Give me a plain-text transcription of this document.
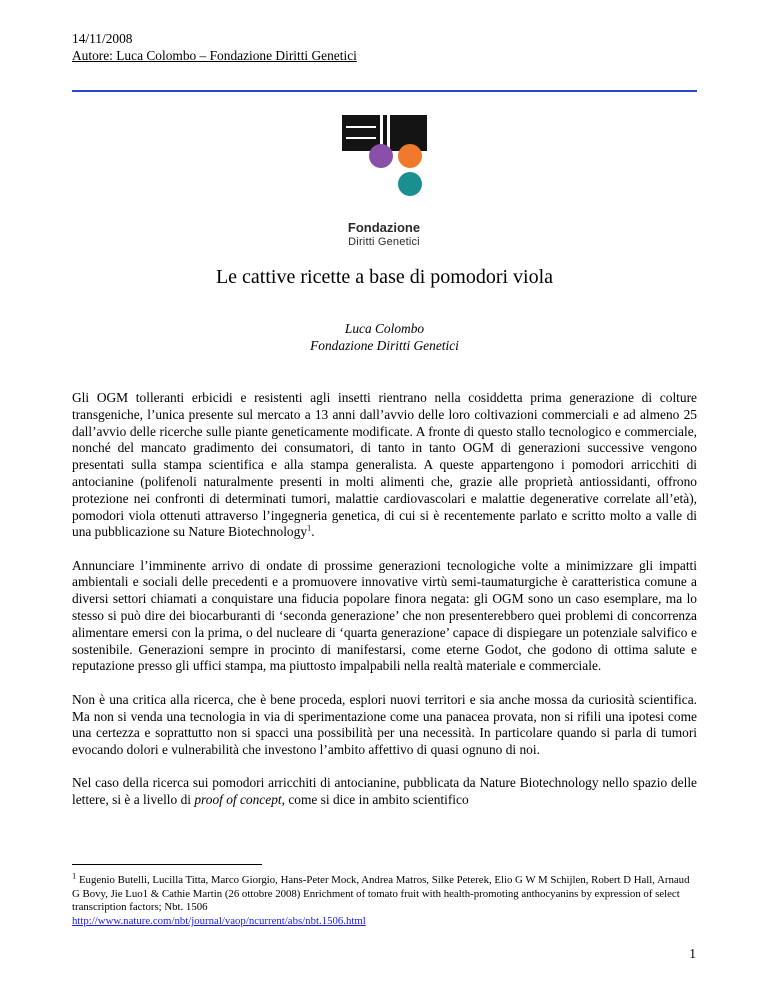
14/11/2008
Autore: Luca Colombo – Fondazione Diritti Genetici
Fondazione
Diritti Genetici
Le cattive ricette a base di pomodori viola
Luca Colombo
Fondazione Diritti Genetici

Gli OGM tolleranti erbicidi e resistenti agli insetti rientrano nella cosiddetta prima generazione di colture transgeniche, l’unica presente sul mercato a 13 anni dall’avvio delle loro coltivazioni commerciali e ad almeno 25 dall’avvio delle ricerche sulle piante geneticamente modificate. A fronte di questo stallo tecnologico e commerciale, nonché del mancato gradimento dei consumatori, di tanto in tanto OGM di generazioni successive vengono presentati sulla stampa scientifica e alla stampa generalista. A queste appartengono i pomodori arricchiti di antocianine (polifenoli naturalmente presenti in molti alimenti che, grazie alle proprietà antiossidanti, offrono protezione nei confronti di determinati tumori, malattie cardiovascolari e malattie degenerative correlate all’età), pomodori viola ottenuti attraverso l’ingegneria genetica, di cui si è recentemente parlato e scritto molto a valle di una pubblicazione su Nature Biotechnology$^1$.

Annunciare l’imminente arrivo di ondate di prossime generazioni tecnologiche volte a minimizzare gli impatti ambientali e sociali delle precedenti e a promuovere innovative virtù semi-taumaturgiche è caratteristica comune a diversi settori chiamati a conquistare una fiducia popolare finora negata: gli OGM sono un caso esemplare, ma lo stesso si può dire dei biocarburanti di ‘seconda generazione’ che non presenterebbero quei problemi di concorrenza alimentare emersi con la prima, o del nucleare di ‘quarta generazione’ capace di dispiegare un potenziale salvifico e sostenibile. Generazioni sempre in procinto di manifestarsi, come eterne Godot, che godono di ottima salute e reputazione presso gli uffici stampa, ma piuttosto impalpabili nella realtà materiale e commerciale.

Non è una critica alla ricerca, che è bene proceda, esplori nuovi territori e sia anche mossa da curiosità scientifica. Ma non si venda una tecnologia in via di sperimentazione come una panacea provata, non si rifili una ipotesi come una certezza e soprattutto non si spacci una possibilità per una necessità. In particolare quando si parla di tumori evocando dolori e vulnerabilità che investono l’ambito affettivo di quasi ognuno di noi.

Nel caso della ricerca sui pomodori arricchiti di antocianine, pubblicata da Nature Biotechnology nello spazio delle lettere, si è a livello di proof of concept, come si dice in ambito scientifico

$^1$ Eugenio Butelli, Lucilla Titta, Marco Giorgio, Hans-Peter Mock, Andrea Matros, Silke Peterek, Elio G W M Schijlen, Robert D Hall, Arnaud G Bovy, Jie Luo1 & Cathie Martin (26 ottobre 2008) Enrichment of tomato fruit with health-promoting anthocyanins by expression of select transcription factors; Nbt. 1506
http://www.nature.com/nbt/journal/vaop/ncurrent/abs/nbt.1506.html
1
